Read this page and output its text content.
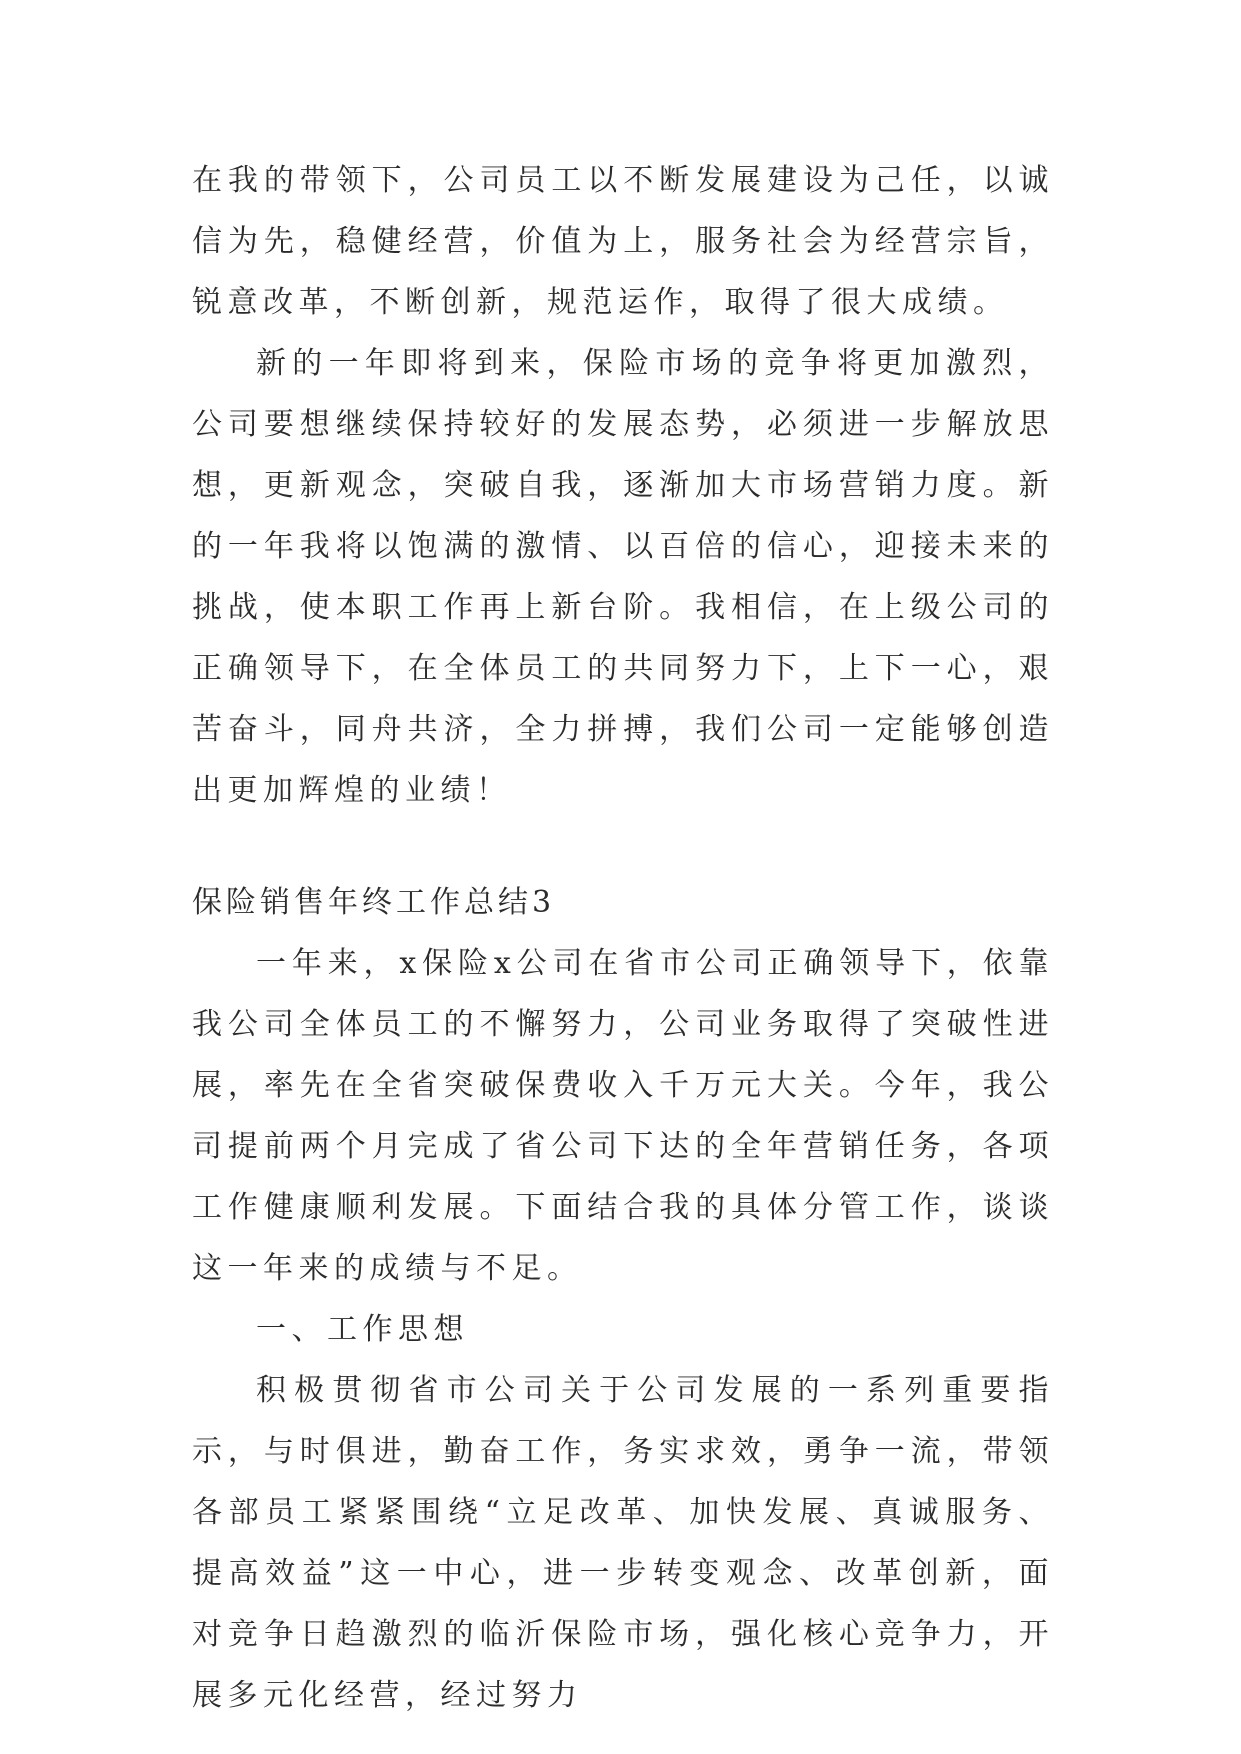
在我的带领下，公司员工以不断发展建设为己任，以诚信为先，稳健经营，价值为上，服务社会为经营宗旨，锐意改革，不断创新，规范运作，取得了很大成绩。

新的一年即将到来，保险市场的竞争将更加激烈，公司要想继续保持较好的发展态势，必须进一步解放思想，更新观念，突破自我，逐渐加大市场营销力度。新的一年我将以饱满的激情、以百倍的信心，迎接未来的挑战，使本职工作再上新台阶。我相信，在上级公司的正确领导下，在全体员工的共同努力下，上下一心，艰苦奋斗，同舟共济，全力拼搏，我们公司一定能够创造出更加辉煌的业绩！

保险销售年终工作总结3

一年来，x保险x公司在省市公司正确领导下，依靠我公司全体员工的不懈努力，公司业务取得了突破性进展，率先在全省突破保费收入千万元大关。今年，我公司提前两个月完成了省公司下达的全年营销任务，各项工作健康顺利发展。下面结合我的具体分管工作，谈谈这一年来的成绩与不足。

一、工作思想

积极贯彻省市公司关于公司发展的一系列重要指示，与时俱进，勤奋工作，务实求效，勇争一流，带领各部员工紧紧围绕“立足改革、加快发展、真诚服务、提高效益”这一中心，进一步转变观念、改革创新，面对竞争日趋激烈的临沂保险市场，强化核心竞争力，开展多元化经营，经过努力
